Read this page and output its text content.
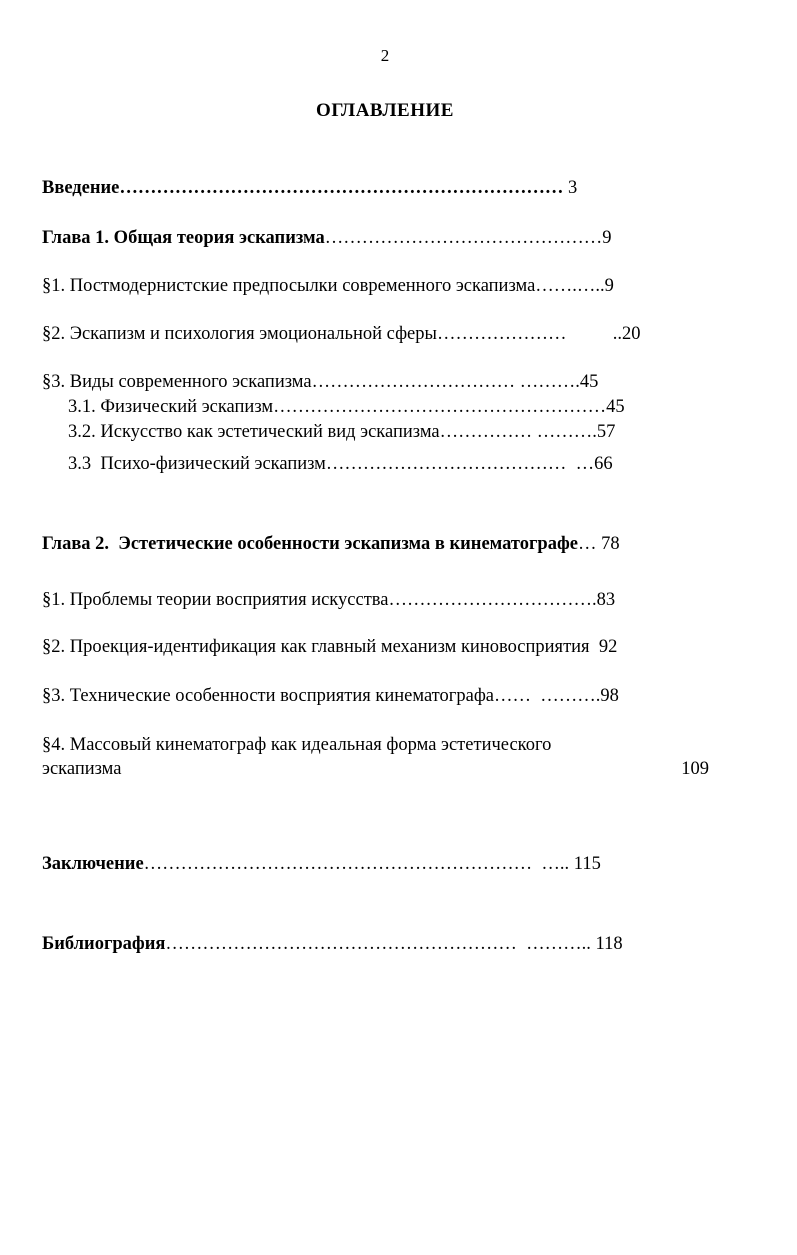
2
ОГЛАВЛЕНИЕ
Введение……………………………………………………………… 3
Глава 1. Общая теория эскапизма………………………………………9
§1. Постмодернистские предпосылки современного эскапизма…….…..9
§2. Эскапизм и психология эмоциональной сферы…………………          ..20
§3. Виды современного эскапизма…………………………… ……….45
3.1. Физический эскапизм………………………………………………45
3.2. Искусство как эстетический вид эскапизма…………… ……….57
3.3  Психо-физический эскапизм…………………………………  …66
Глава 2.  Эстетические особенности эскапизма в кинематографе… 78
§1. Проблемы теории восприятия искусства…………………………….83
§2. Проекция-идентификация как главный механизм киновосприятия 92
§3. Технические особенности восприятия кинематографа……  ……….98
§4. Массовый кинематограф как идеальная форма эстетического
эскапизма	109
Заключение………………………………………………………  ….. 115
Библиография…………………………………………………  ……….. 118
